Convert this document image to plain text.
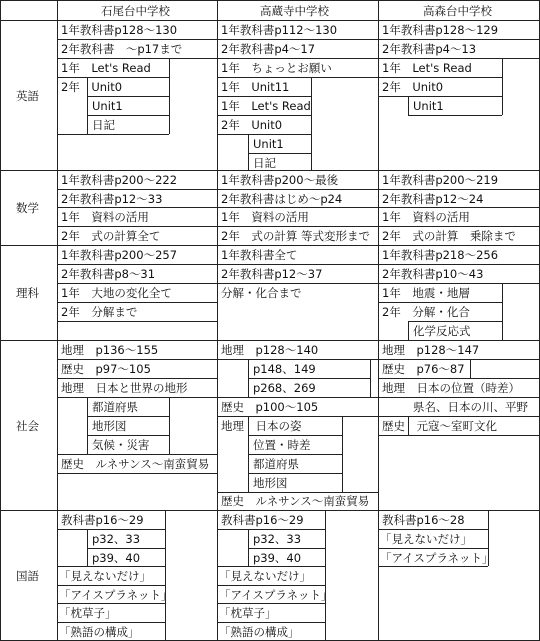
石尾台中学校	高蔵寺中学校	高森台中学校
英語
数学
理科
社会
国語
1年教科書p128～130
2年教科書　～p17まで
1年　Let's Read
2年　Unit0
Unit1
日記
1年教科書p112～130
2年教科書p4～17
1年　ちょっとお願い
1年　Unit11
1年　Let's Read
2年　Unit0
Unit1
日記
1年教科書p128～129
2年教科書p4～13
1年　Let's Read
2年　Unit0
Unit1
1年教科書p200～222
2年教科書p12～33
1年　資料の活用
2年　式の計算全て
1年教科書p200～最後
2年教科書はじめ～p24
1年　資料の活用
2年　式の計算 等式変形まで
1年教科書p200～219
2年教科書p12～24
1年　資料の活用
2年　式の計算　乗除まで
1年教科書p200～257
2年教科書p8～31
1年　大地の変化全て
2年　分解まで
1年教科書全て
2年教科書p12～37
分解・化合まで
1年教科書p218～256
2年教科書p10～43
1年　地震・地層
2年　分解・化合
化学反応式
地理　p136～155
歴史　p97～105
地理　日本と世界の地形
都道府県
地形図
気候・災害
歴史　ルネサンス～南蛮貿易
地理　p128～140
p148、149
p268、269
歴史　p100～105
地理　日本の姿
位置・時差
都道府県
地形図
歴史　ルネサンス～南蛮貿易
地理　p128～147
歴史　p76～87
地理　日本の位置（時差）
県名、日本の川、平野
歴史　元寇～室町文化
教科書p16～29
p32、33
p39、40
「見えないだけ」
「アイスプラネット」
「枕草子」
「熟語の構成」
教科書p16～29
p32、33
p39、40
「見えないだけ」
「アイスプラネット」
「枕草子」
「熟語の構成」
教科書p16～28
「見えないだけ」
「アイスプラネット」
